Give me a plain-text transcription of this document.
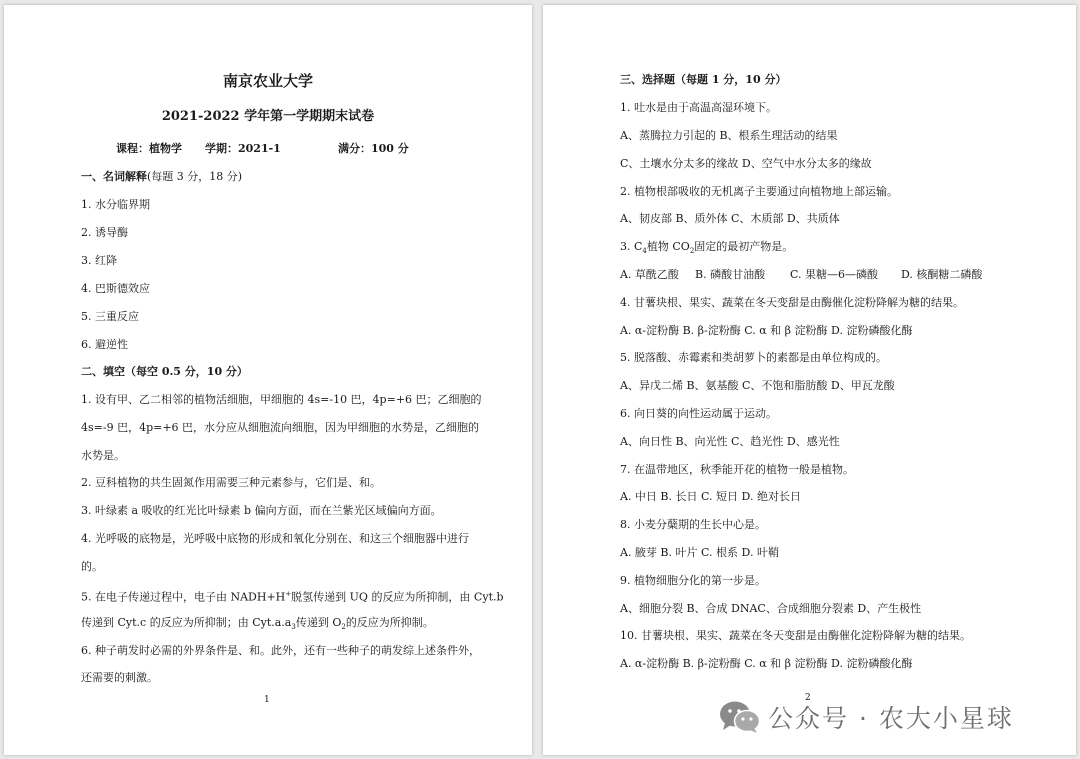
南京农业大学
2021-2022 学年第一学期期末试卷
课程：植物学 学期：2021-1	满分：100 分
一、名词解释(每题 3 分，18 分)
1. 水分临界期
2. 诱导酶
3. 红降
4. 巴斯德效应
5. 三重反应
6. 避逆性
二、填空（每空 0.5 分，10 分）
1. 设有甲、乙二相邻的植物活细胞，甲细胞的 4s=-10 巴，4p=+6 巴；乙细胞的
4s=-9 巴，4p=+6 巴，水分应从细胞流向细胞，因为甲细胞的水势是，乙细胞的
水势是。
2. 豆科植物的共生固氮作用需要三种元素参与，它们是、和。
3. 叶绿素 a 吸收的红光比叶绿素 b 偏向方面，而在兰紫光区域偏向方面。
4. 光呼吸的底物是，光呼吸中底物的形成和氧化分别在、和这三个细胞器中进行
的。
5. 在电子传递过程中，电子由 NADH+H+脱氢传递到 UQ 的反应为所抑制，由 Cyt.b
传递到 Cyt.c 的反应为所抑制；由 $Cyt.a.a_3$传递到 $O_2$的反应为所抑制。
6. 种子萌发时必需的外界条件是、和。此外，还有一些种子的萌发综上述条件外，
还需要的刺激。
1
三、选择题（每题 1 分，10 分）
1. 吐水是由于高温高湿环境下。
A、蒸腾拉力引起的 B、根系生理活动的结果
C、土壤水分太多的缘故 D、空气中水分太多的缘故
2. 植物根部吸收的无机离子主要通过向植物地上部运输。
A、韧皮部 B、质外体 C、木质部 D、共质体
3. $C_4$植物 $CO_2$固定的最初产物是。
A. 草酰乙酸 B. 磷酸甘油酸 C. 果糖—6—磷酸 D. 核酮糖二磷酸
4. 甘薯块根、果实、蔬菜在冬天变甜是由酶催化淀粉降解为糖的结果。
A. α-淀粉酶 B. β-淀粉酶 C. α 和 β 淀粉酶 D. 淀粉磷酸化酶
5. 脱落酸、赤霉素和类胡萝卜的素都是由单位构成的。
A、异戊二烯 B、氨基酸 C、不饱和脂肪酸 D、甲瓦龙酸
6. 向日葵的向性运动属于运动。
A、向日性 B、向光性 C、趋光性 D、感光性
7. 在温带地区，秋季能开花的植物一般是植物。
A. 中日 B. 长日 C. 短日 D. 绝对长日
8. 小麦分蘖期的生长中心是。
A. 腋芽 B. 叶片 C. 根系 D. 叶鞘
9. 植物细胞分化的第一步是。
A、细胞分裂 B、合成 DNAC、合成细胞分裂素 D、产生极性
10. 甘薯块根、果实、蔬菜在冬天变甜是由酶催化淀粉降解为糖的结果。
A. α-淀粉酶 B. β-淀粉酶 C. α 和 β 淀粉酶 D. 淀粉磷酸化酶
2
公众号 · 农大小星球
